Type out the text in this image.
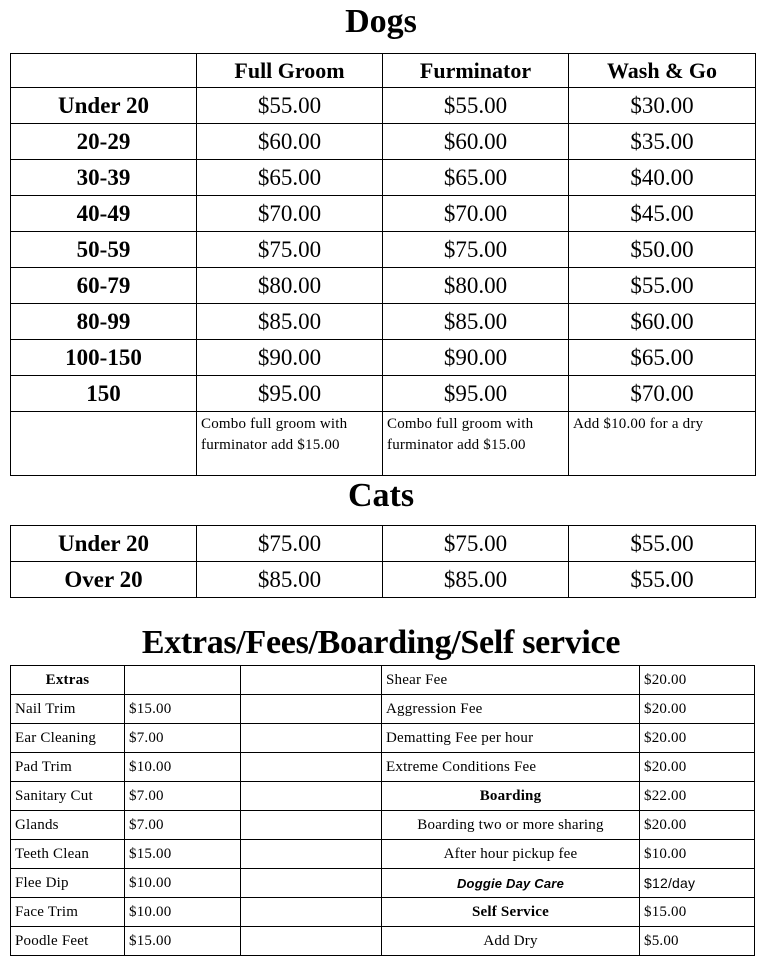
Dogs
	Full Groom	Furminator	Wash & Go
Under 20	$55.00	$55.00	$30.00
20-29	$60.00	$60.00	$35.00
30-39	$65.00	$65.00	$40.00
40-49	$70.00	$70.00	$45.00
50-59	$75.00	$75.00	$50.00
60-79	$80.00	$80.00	$55.00
80-99	$85.00	$85.00	$60.00
100-150	$90.00	$90.00	$65.00
150	$95.00	$95.00	$70.00
	Combo full groom with furminator add $15.00	Combo full groom with furminator add $15.00	Add $10.00 for a dry
Cats
Under 20	$75.00	$75.00	$55.00
Over 20	$85.00	$85.00	$55.00
Extras/Fees/Boarding/Self service
Extras			Shear Fee	$20.00
Nail Trim	$15.00		Aggression Fee	$20.00
Ear Cleaning	$7.00		Dematting Fee per hour	$20.00
Pad Trim	$10.00		Extreme Conditions Fee	$20.00
Sanitary Cut	$7.00		Boarding	$22.00
Glands	$7.00		Boarding two or more sharing	$20.00
Teeth Clean	$15.00		After hour pickup fee	$10.00
Flee Dip	$10.00		Doggie Day Care	$12/day
Face Trim	$10.00		Self Service	$15.00
Poodle Feet	$15.00		Add Dry	$5.00
